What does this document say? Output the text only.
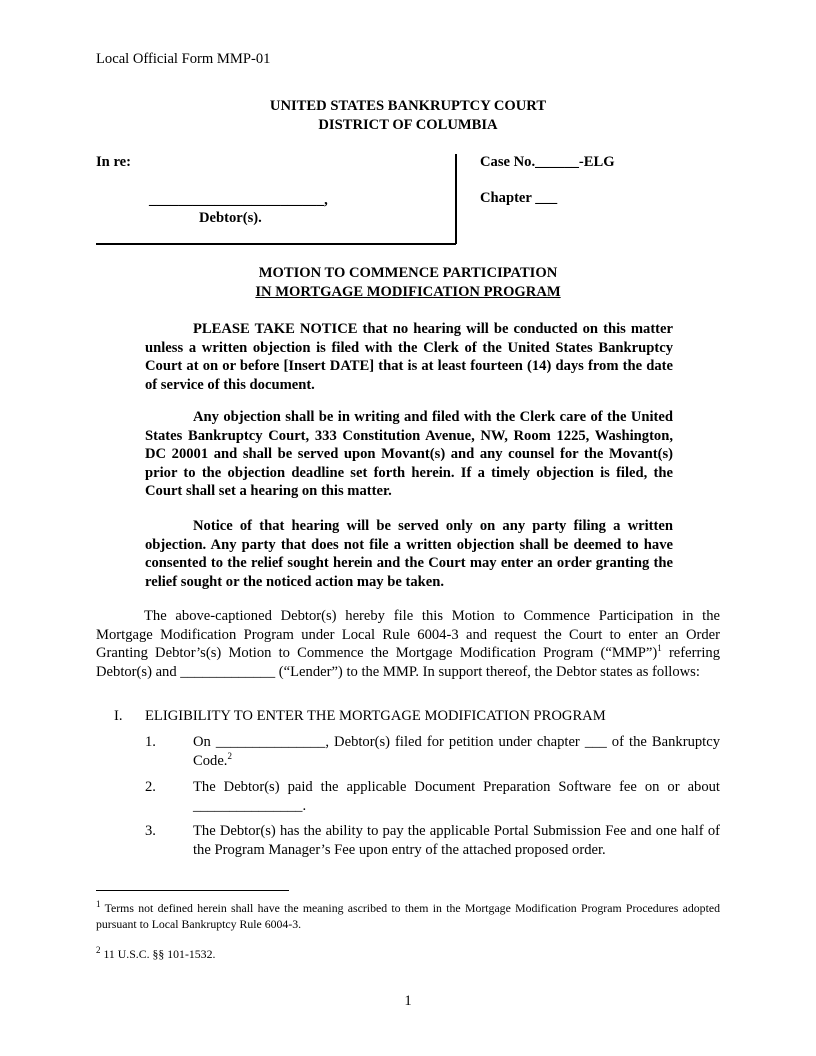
Local Official Form MMP-01
UNITED STATES BANKRUPTCY COURT
DISTRICT OF COLUMBIA
In re:
________________________,
Debtor(s).
Case No.______-ELG
Chapter ___
MOTION TO COMMENCE PARTICIPATION
IN MORTGAGE MODIFICATION PROGRAM
PLEASE TAKE NOTICE that no hearing will be conducted on this matter unless a written objection is filed with the Clerk of the United States Bankruptcy Court at on or before [Insert DATE] that is at least fourteen (14) days from the date of service of this document.
Any objection shall be in writing and filed with the Clerk care of the United States Bankruptcy Court, 333 Constitution Avenue, NW, Room 1225, Washington, DC 20001 and shall be served upon Movant(s) and any counsel for the Movant(s) prior to the objection deadline set forth herein. If a timely objection is filed, the Court shall set a hearing on this matter.
Notice of that hearing will be served only on any party filing a written objection. Any party that does not file a written objection shall be deemed to have consented to the relief sought herein and the Court may enter an order granting the relief sought or the noticed action may be taken.
The above-captioned Debtor(s) hereby file this Motion to Commence Participation in the Mortgage Modification Program under Local Rule 6004-3 and request the Court to enter an Order Granting Debtor’s(s) Motion to Commence the Mortgage Modification Program (“MMP”)$^1$ referring Debtor(s) and _____________ (“Lender”) to the MMP. In support thereof, the Debtor states as follows:
I. ELIGIBILITY TO ENTER THE MORTGAGE MODIFICATION PROGRAM
1.	On _______________, Debtor(s) filed for petition under chapter ___ of the Bankruptcy Code.$^2$
2.	The Debtor(s) paid the applicable Document Preparation Software fee on or about _______________.
3.	The Debtor(s) has the ability to pay the applicable Portal Submission Fee and one half of the Program Manager’s Fee upon entry of the attached proposed order.
$^1$ Terms not defined herein shall have the meaning ascribed to them in the Mortgage Modification Program Procedures adopted pursuant to Local Bankruptcy Rule 6004-3.
$^2$ 11 U.S.C. §§ 101-1532.
1
